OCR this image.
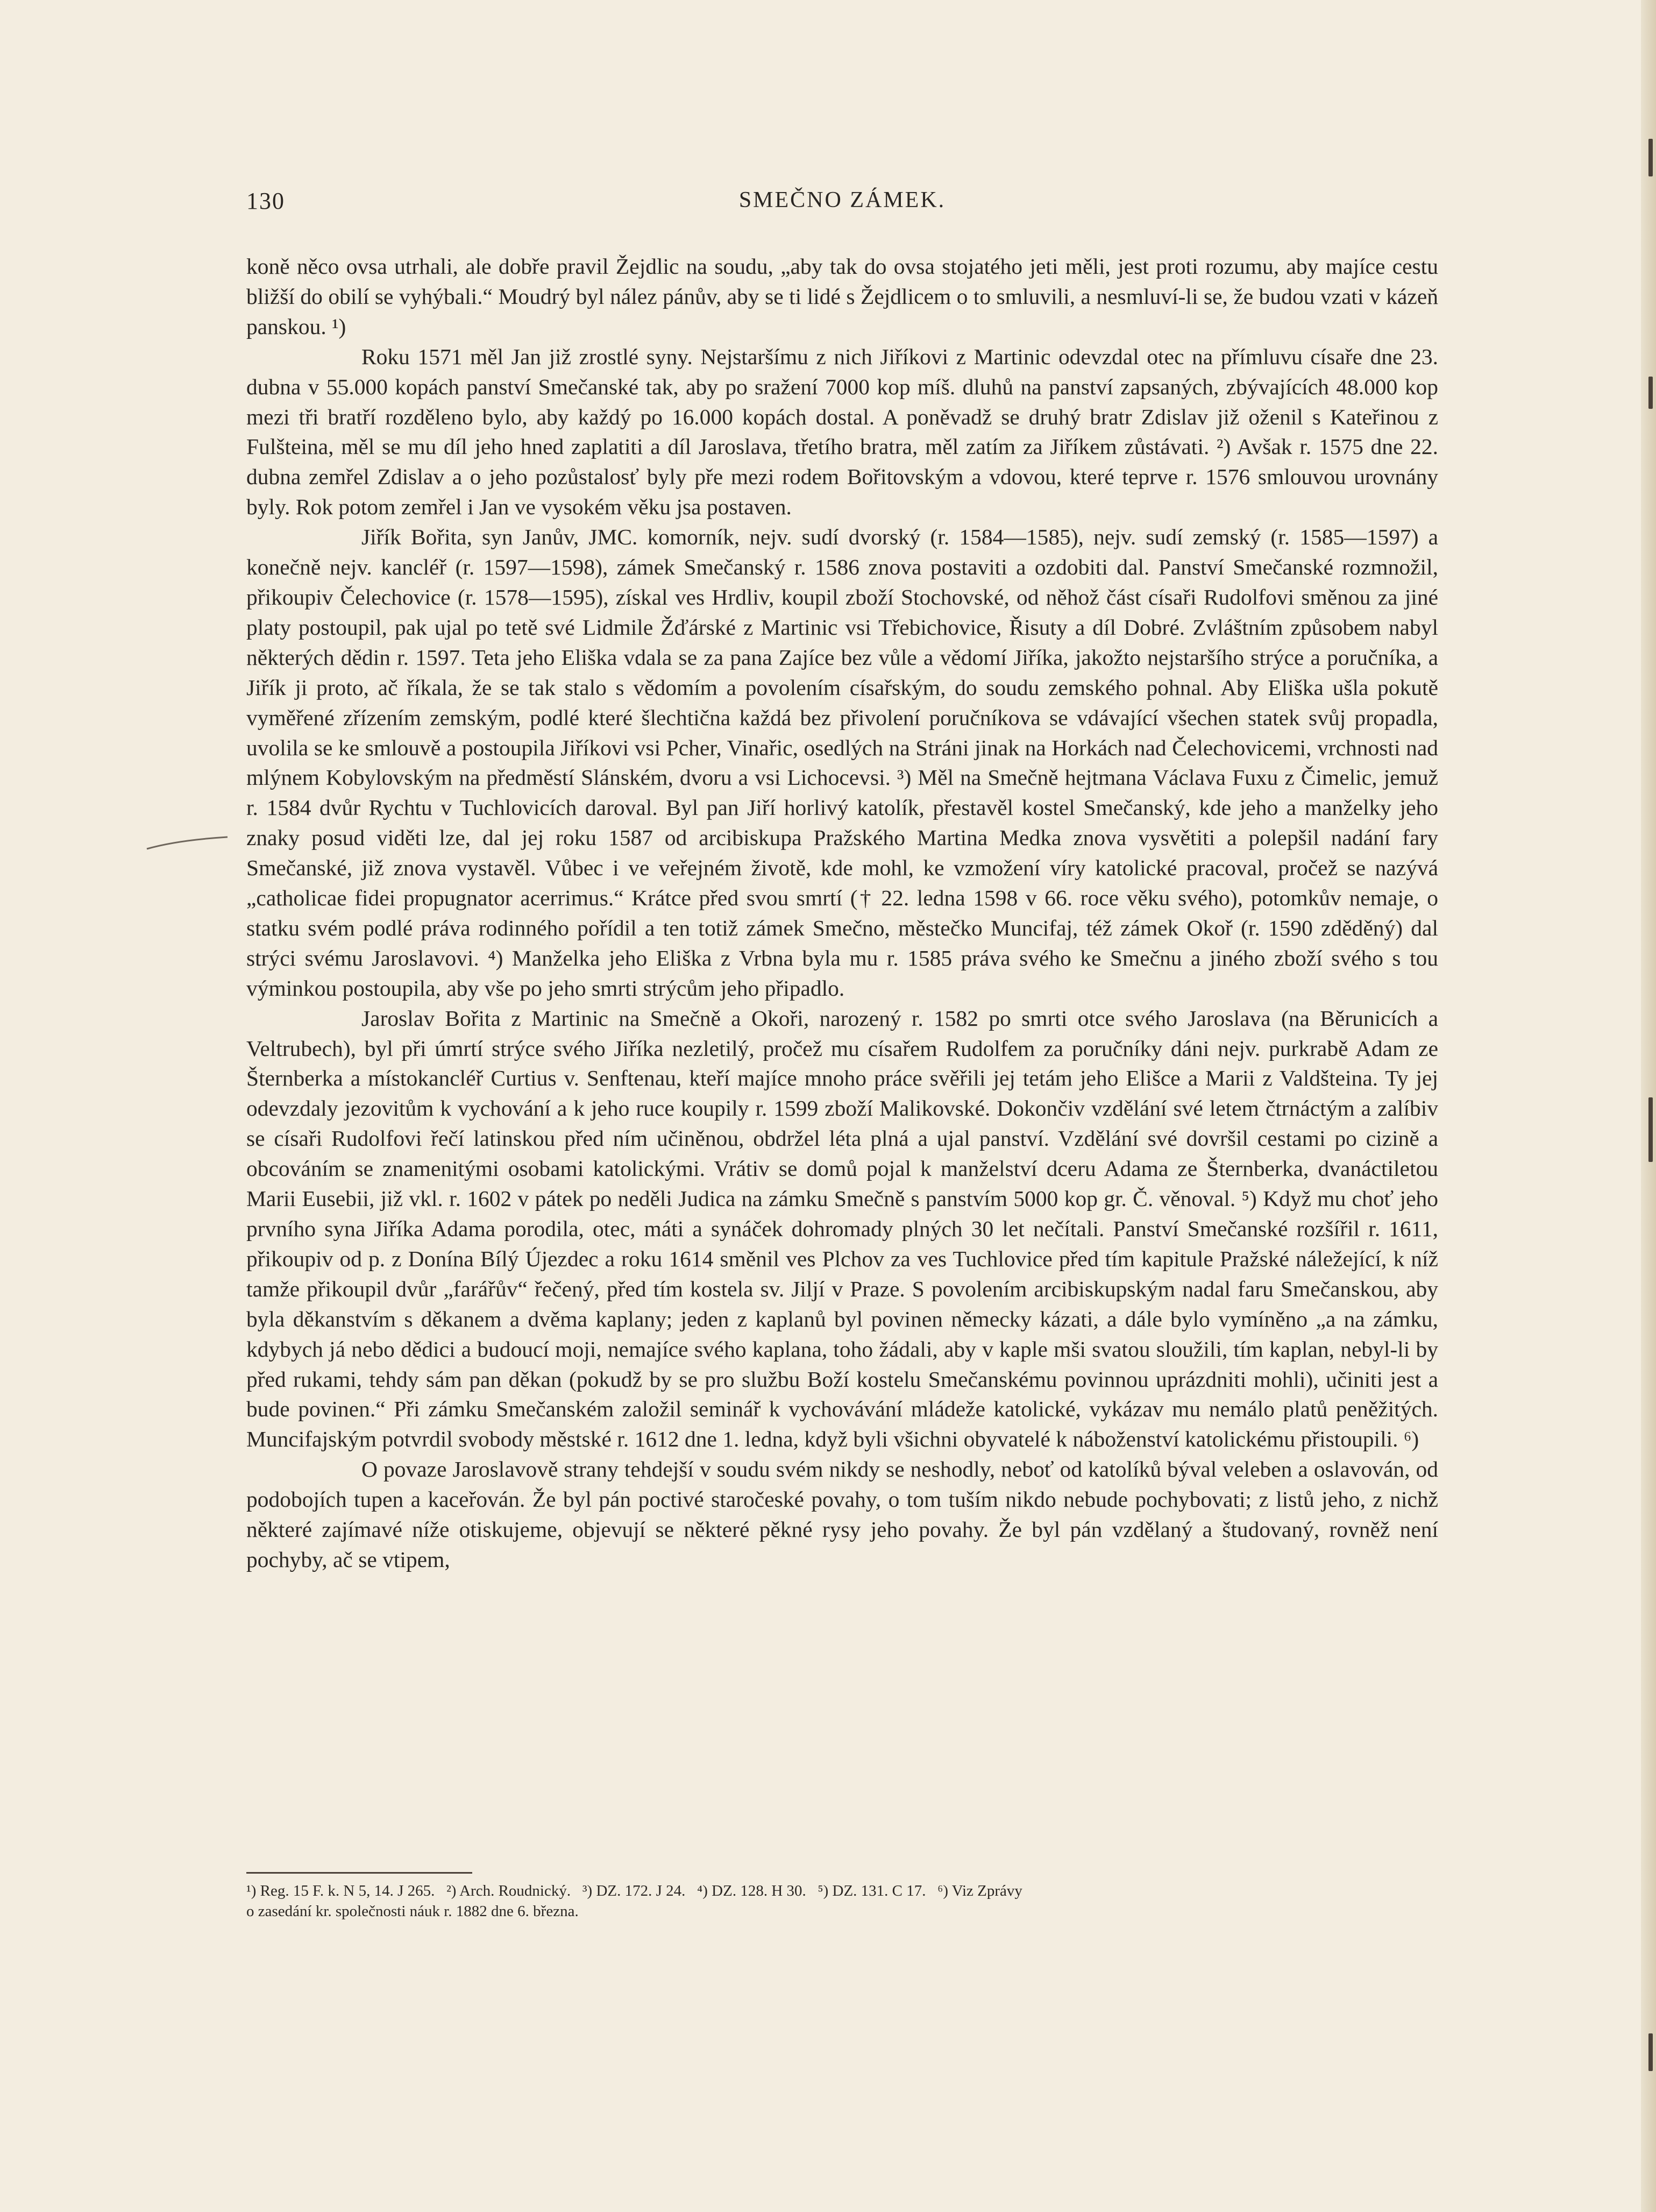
130	SMEČNO ZÁMEK.

koně něco ovsa utrhali, ale dobře pravil Žejdlic na soudu, „aby tak do ovsa stojatého jeti měli, jest proti rozumu, aby majíce cestu bližší do obilí se vyhýbali.“ Moudrý byl nález pánův, aby se ti lidé s Žejdlicem o to smluvili, a nesmluví-li se, že budou vzati v kázeň panskou. ¹)

Roku 1571 měl Jan již zrostlé syny. Nejstaršímu z nich Jiříkovi z Martinic odevzdal otec na přímluvu císaře dne 23. dubna v 55.000 kopách panství Smečanské tak, aby po sražení 7000 kop míš. dluhů na panství zapsaných, zbývajících 48.000 kop mezi tři bratří rozděleno bylo, aby každý po 16.000 kopách dostal. A poněvadž se druhý bratr Zdislav již oženil s Kateřinou z Fulšteina, měl se mu díl jeho hned zaplatiti a díl Jaroslava, třetího bratra, měl zatím za Jiříkem zůstávati. ²) Avšak r. 1575 dne 22. dubna zemřel Zdislav a o jeho pozůstalosť byly pře mezi rodem Bořitovským a vdovou, které teprve r. 1576 smlouvou urovnány byly. Rok potom zemřel i Jan ve vysokém věku jsa postaven.

Jiřík Bořita, syn Janův, JMC. komorník, nejv. sudí dvorský (r. 1584—1585), nejv. sudí zemský (r. 1585—1597) a konečně nejv. kancléř (r. 1597—1598), zámek Smečanský r. 1586 znova postaviti a ozdobiti dal. Panství Smečanské rozmnožil, přikoupiv Čelechovice (r. 1578—1595), získal ves Hrdliv, koupil zboží Stochovské, od něhož část císaři Rudolfovi směnou za jiné platy postoupil, pak ujal po tetě své Lidmile Žďárské z Martinic vsi Třebichovice, Řisuty a díl Dobré. Zvláštním způsobem nabyl některých dědin r. 1597. Teta jeho Eliška vdala se za pana Zajíce bez vůle a vědomí Jiříka, jakožto nejstaršího strýce a poručníka, a Jiřík ji proto, ač říkala, že se tak stalo s vědomím a povolením císařským, do soudu zemského pohnal. Aby Eliška ušla pokutě vyměřené zřízením zemským, podlé které šlechtična každá bez přivolení poručníkova se vdávající všechen statek svůj propadla, uvolila se ke smlouvě a postoupila Jiříkovi vsi Pcher, Vinařic, osedlých na Stráni jinak na Horkách nad Čelechovicemi, vrchnosti nad mlýnem Kobylovským na předměstí Slánském, dvoru a vsi Lichocevsi. ³) Měl na Smečně hejtmana Václava Fuxu z Čimelic, jemuž r. 1584 dvůr Rychtu v Tuchlovicích daroval. Byl pan Jiří horlivý katolík, přestavěl kostel Smečanský, kde jeho a manželky jeho znaky posud viděti lze, dal jej roku 1587 od arcibiskupa Pražského Martina Medka znova vysvětiti a polepšil nadání fary Smečanské, již znova vystavěl. Vůbec i ve veřejném životě, kde mohl, ke vzmožení víry katolické pracoval, pročež se nazývá „catholicae fidei propugnator acerrimus.“ Krátce před svou smrtí († 22. ledna 1598 v 66. roce věku svého), potomkův nemaje, o statku svém podlé práva rodinného pořídil a ten totiž zámek Smečno, městečko Muncifaj, též zámek Okoř (r. 1590 zděděný) dal strýci svému Jaroslavovi. ⁴) Manželka jeho Eliška z Vrbna byla mu r. 1585 práva svého ke Smečnu a jiného zboží svého s tou výminkou postoupila, aby vše po jeho smrti strýcům jeho připadlo.

Jaroslav Bořita z Martinic na Smečně a Okoři, narozený r. 1582 po smrti otce svého Jaroslava (na Běrunicích a Veltrubech), byl při úmrtí strýce svého Jiříka nezletilý, pročež mu císařem Rudolfem za poručníky dáni nejv. purkrabě Adam ze Šternberka a místokancléř Curtius v. Senftenau, kteří majíce mnoho práce svěřili jej tetám jeho Elišce a Marii z Valdšteina. Ty jej odevzdaly jezovitům k vychování a k jeho ruce koupily r. 1599 zboží Malikovské. Dokončiv vzdělání své letem čtrnáctým a zalíbiv se císaři Rudolfovi řečí latinskou před ním učiněnou, obdržel léta plná a ujal panství. Vzdělání své dovršil cestami po cizině a obcováním se znamenitými osobami katolickými. Vrátiv se domů pojal k manželství dceru Adama ze Šternberka, dvanáctiletou Marii Eusebii, již vkl. r. 1602 v pátek po neděli Judica na zámku Smečně s panstvím 5000 kop gr. Č. věnoval. ⁵) Když mu choť jeho prvního syna Jiříka Adama porodila, otec, máti a synáček dohromady plných 30 let nečítali. Panství Smečanské rozšířil r. 1611, přikoupiv od p. z Donína Bílý Újezdec a roku 1614 směnil ves Plchov za ves Tuchlovice před tím kapitule Pražské náležející, k níž tamže přikoupil dvůr „farářův“ řečený, před tím kostela sv. Jiljí v Praze. S povolením arcibiskupským nadal faru Smečanskou, aby byla děkanstvím s děkanem a dvěma kaplany; jeden z kaplanů byl povinen německy kázati, a dále bylo vymíněno „a na zámku, kdybych já nebo dědici a budoucí moji, nemajíce svého kaplana, toho žádali, aby v kaple mši svatou sloužili, tím kaplan, nebyl-li by před rukami, tehdy sám pan děkan (pokudž by se pro službu Boží kostelu Smečanskému povinnou uprázdniti mohli), učiniti jest a bude povinen.“ Při zámku Smečanském založil seminář k vychovávání mládeže katolické, vykázav mu nemálo platů peněžitých. Muncifajským potvrdil svobody městské r. 1612 dne 1. ledna, když byli všichni obyvatelé k náboženství katolickému přistoupili. ⁶)

O povaze Jaroslavově strany tehdejší v soudu svém nikdy se neshodly, neboť od katolíků býval veleben a oslavován, od podobojích tupen a kaceřován. Že byl pán poctivé staročeské povahy, o tom tuším nikdo nebude pochybovati; z listů jeho, z nichž některé zajímavé níže otiskujeme, objevují se některé pěkné rysy jeho povahy. Že byl pán vzdělaný a študovaný, rovněž není pochyby, ač se vtipem,

¹) Reg. 15 F. k. N 5, 14. J 265.   ²) Arch. Roudnický.   ³) DZ. 172. J 24.   ⁴) DZ. 128. H 30.   ⁵) DZ. 131. C 17.   ⁶) Viz Zprávy

o zasedání kr. společnosti náuk r. 1882 dne 6. března.
